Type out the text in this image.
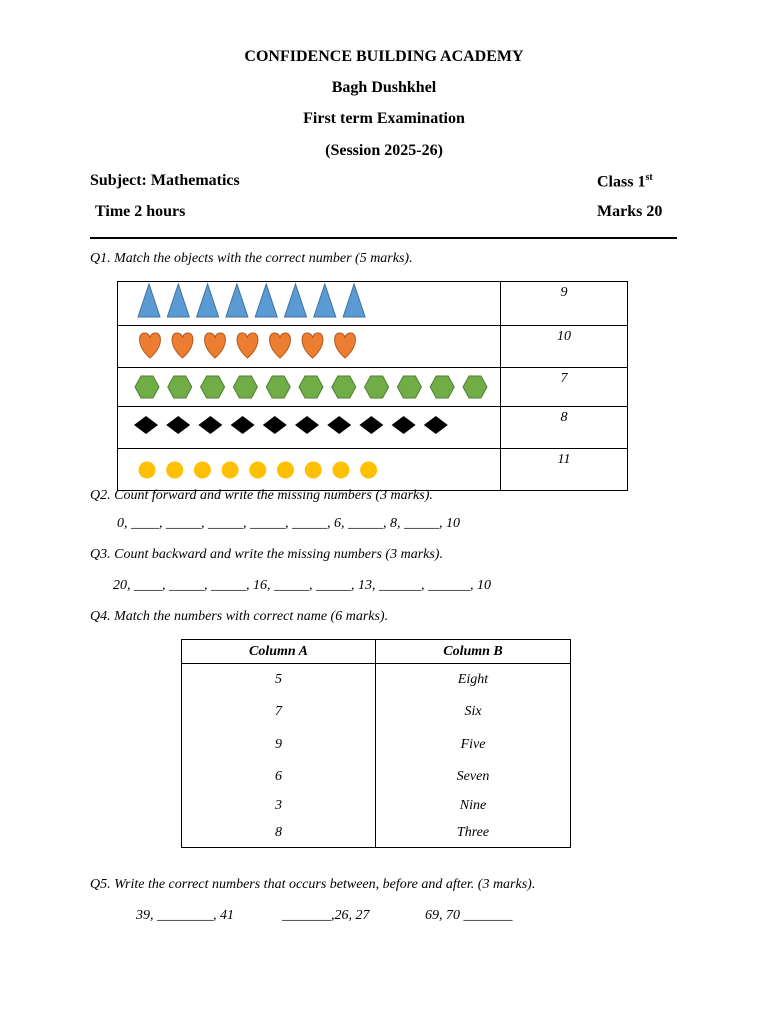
CONFIDENCE BUILDING ACADEMY
Bagh Dushkhel
First term Examination
(Session 2025-26)
Subject: Mathematics	Class 1st
Time 2 hours	Marks 20
Q1. Match the objects with the correct number (5 marks).
	9
	10
	7
	8
	11
Q2. Count forward and write the missing numbers (3 marks).
0, ____, _____, _____, _____, _____, 6, _____, 8, _____, 10
Q3. Count backward and write the missing numbers (3 marks).
20, ____, _____, _____, 16, _____, _____, 13, ______, ______, 10
Q4. Match the numbers with correct name (6 marks).
Column A	Column B
5	Eight
7	Six
9	Five
6	Seven
3	Nine
8	Three
Q5. Write the correct numbers that occurs between, before and after. (3 marks).
39, ________, 41	_______,26, 27	69, 70 _______
